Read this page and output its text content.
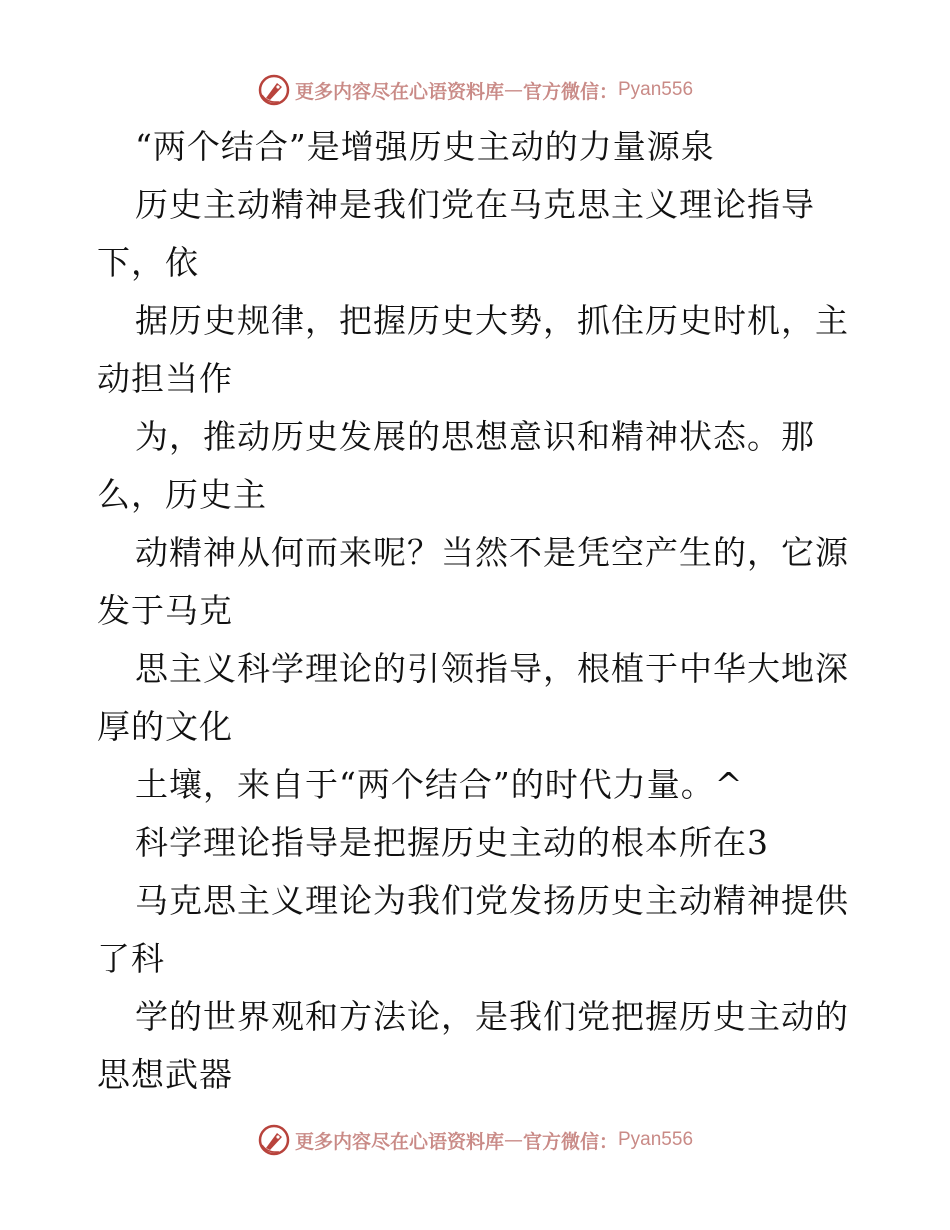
更多内容尽在心语资料库 — 官方微信： Pyan556
“两个结合”是增强历史主动的力量源泉
历史主动精神是我们党在马克思主义理论指导
下，依
据历史规律，把握历史大势，抓住历史时机，主
动担当作
为，推动历史发展的思想意识和精神状态。那
么，历史主
动精神从何而来呢？当然不是凭空产生的，它源
发于马克
思主义科学理论的引领指导，根植于中华大地深
厚的文化
土壤，来自于“两个结合”的时代力量。^
科学理论指导是把握历史主动的根本所在3
马克思主义理论为我们党发扬历史主动精神提供
了科
学的世界观和方法论，是我们党把握历史主动的
思想武器
更多内容尽在心语资料库 — 官方微信： Pyan556
